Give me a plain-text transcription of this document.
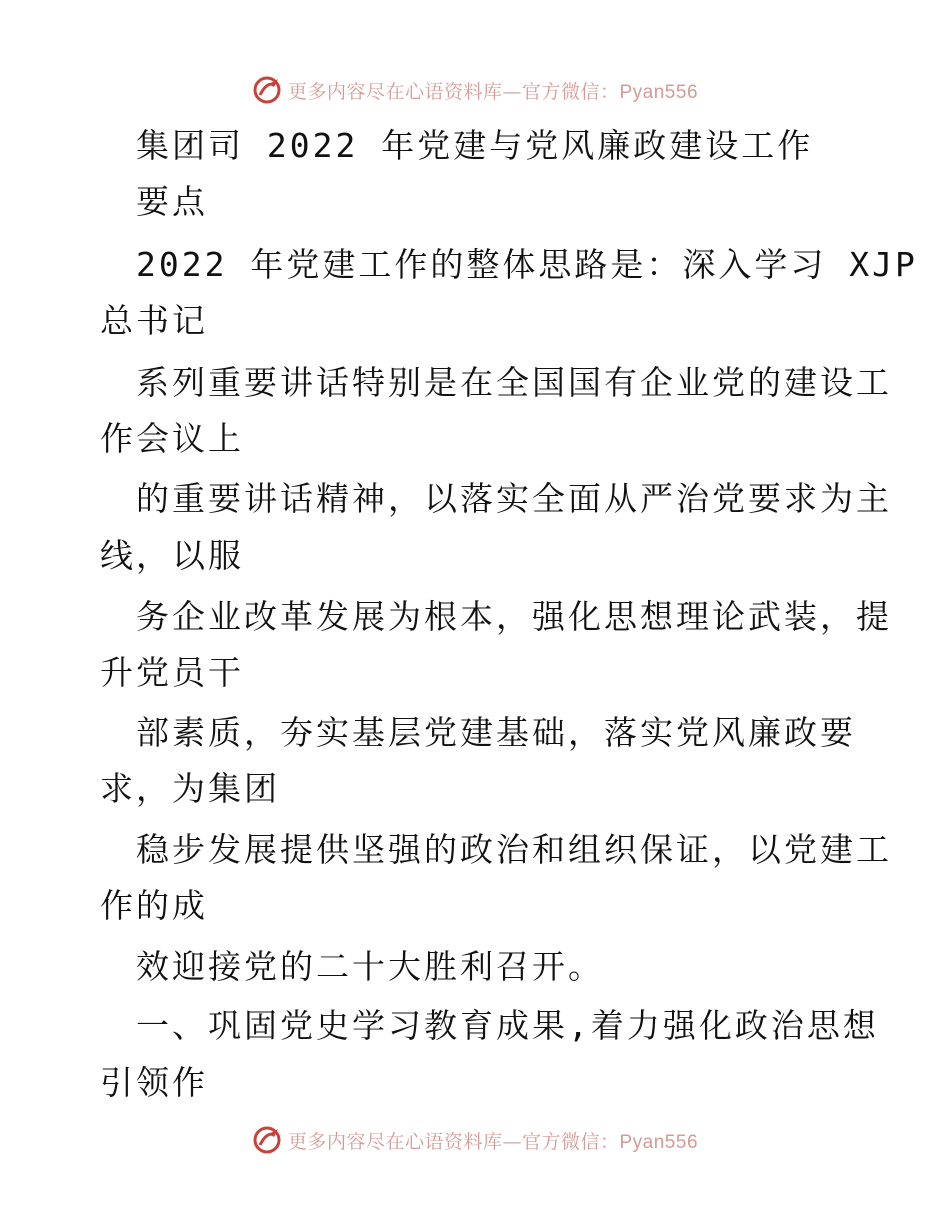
更多内容尽在心语资料库—官方微信：Pyan556
集团司 2022 年党建与党风廉政建设工作
要点
2022 年党建工作的整体思路是：深入学习 XJP
总书记
系列重要讲话特别是在全国国有企业党的建设工
作会议上
的重要讲话精神，以落实全面从严治党要求为主
线，以服
务企业改革发展为根本，强化思想理论武装，提
升党员干
部素质，夯实基层党建基础，落实党风廉政要
求，为集团
稳步发展提供坚强的政治和组织保证，以党建工
作的成
效迎接党的二十大胜利召开。
一、巩固党史学习教育成果,着力强化政治思想
引领作
更多内容尽在心语资料库—官方微信：Pyan556
